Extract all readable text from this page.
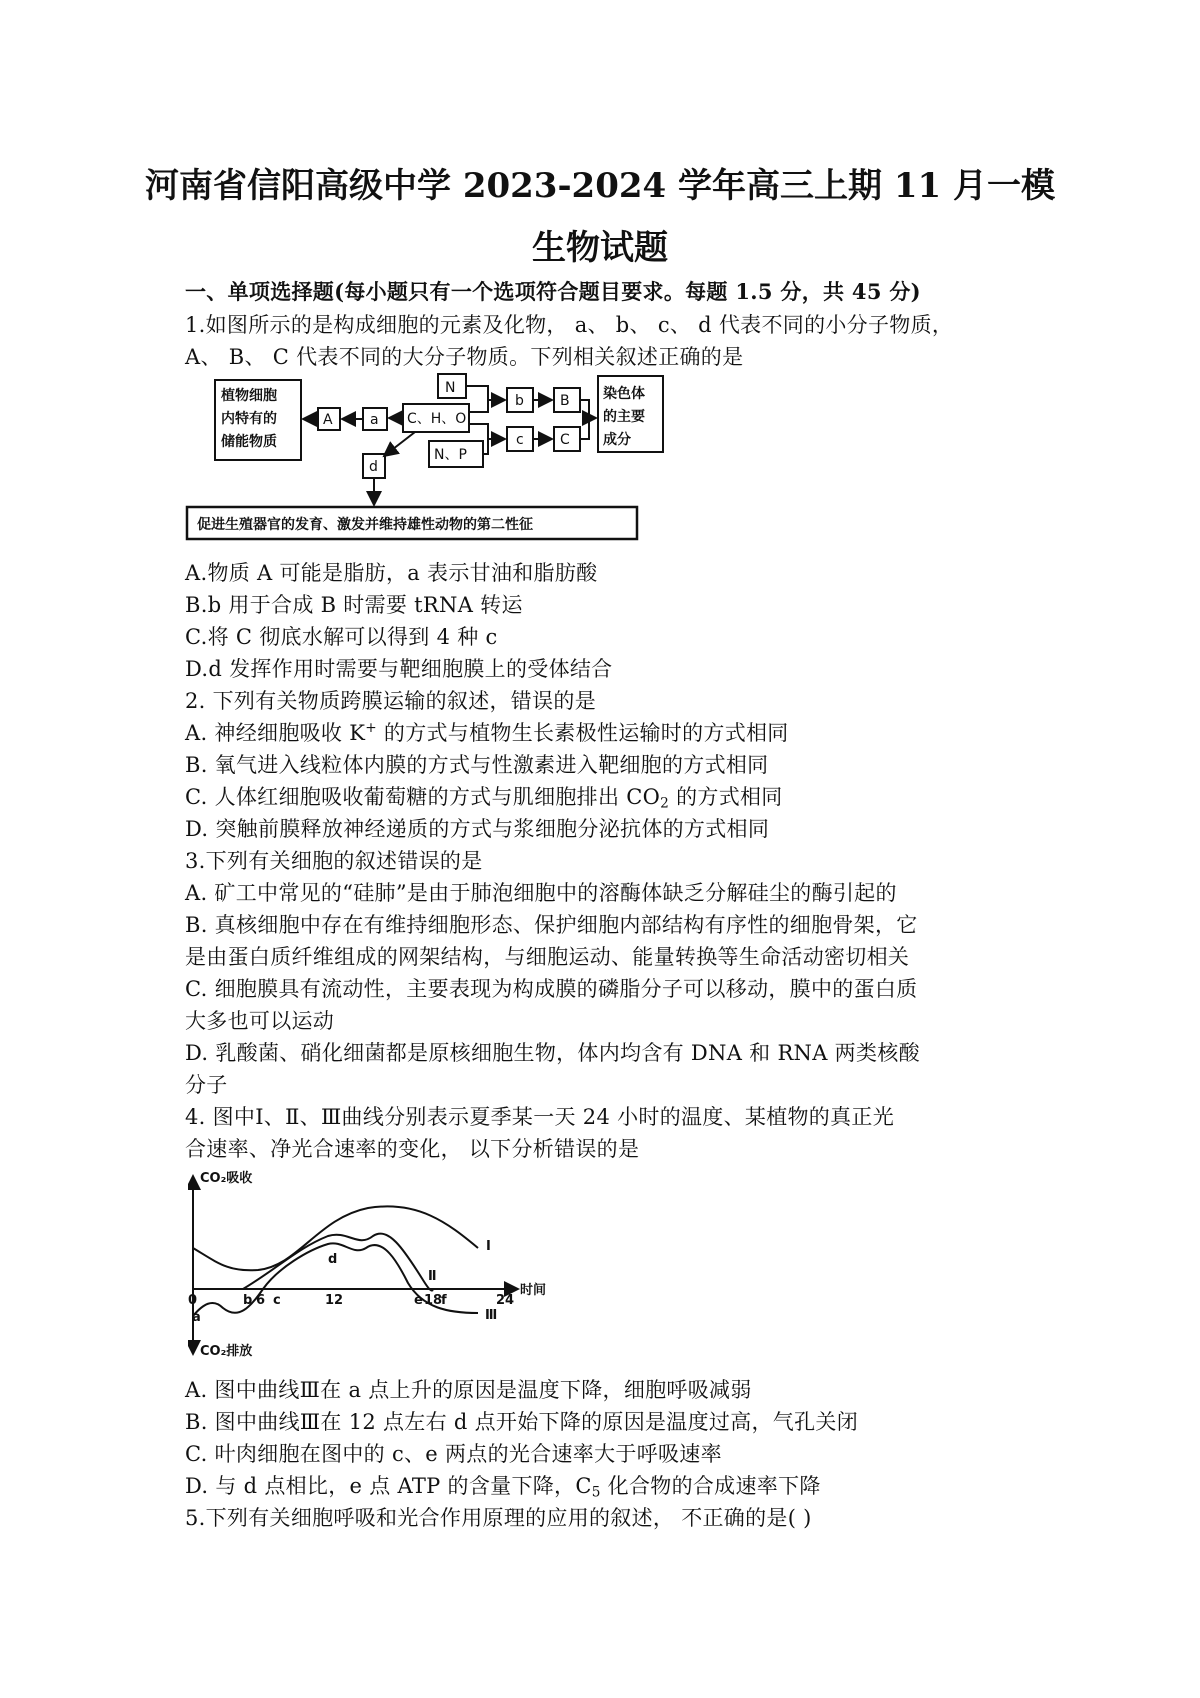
河南省信阳高级中学 2023-2024 学年高三上期 11 月一模
生物试题
一、单项选择题(每小题只有一个选项符合题目要求。每题 1.5 分，共 45 分)
1.如图所示的是构成细胞的元素及化物， a、 b、 c、 d 代表不同的小分子物质，
A、 B、 C 代表不同的大分子物质。下列相关叙述正确的是
植物细胞
内特有的
储能物质
染色体
的主要
成分
促进生殖器官的发育、激发并维持雄性动物的第二性征
A	a C、H、O
N
N、P
b	B
c	C
d
A.物质 A 可能是脂肪，a 表示甘油和脂肪酸
B.b 用于合成 B 时需要 tRNA 转运
C.将 C 彻底水解可以得到 4 种 c
D.d 发挥作用时需要与靶细胞膜上的受体结合
2. 下列有关物质跨膜运输的叙述，错误的是
A. 神经细胞吸收 K+ 的方式与植物生长素极性运输时的方式相同
B. 氧气进入线粒体内膜的方式与性激素进入靶细胞的方式相同
C. 人体红细胞吸收葡萄糖的方式与肌细胞排出 $CO_2$ 的方式相同
D. 突触前膜释放神经递质的方式与浆细胞分泌抗体的方式相同
3.下列有关细胞的叙述错误的是
A. 矿工中常见的“硅肺”是由于肺泡细胞中的溶酶体缺乏分解硅尘的酶引起的
B. 真核细胞中存在有维持细胞形态、保护细胞内部结构有序性的细胞骨架，它
是由蛋白质纤维组成的网架结构，与细胞运动、能量转换等生命活动密切相关
C. 细胞膜具有流动性，主要表现为构成膜的磷脂分子可以移动，膜中的蛋白质
大多也可以运动
D. 乳酸菌、硝化细菌都是原核细胞生物，体内均含有 DNA 和 RNA 两类核酸
分子
4. 图中Ⅰ、Ⅱ、Ⅲ曲线分别表示夏季某一天 24 小时的温度、某植物的真正光
合速率、净光合速率的变化， 以下分析错误的是
CO₂吸收
CO₂排放
时间
0	6	12	18	24
a
b c
d
e f
Ⅰ
Ⅱ
Ⅲ
A. 图中曲线Ⅲ在 a 点上升的原因是温度下降，细胞呼吸减弱
B. 图中曲线Ⅲ在 12 点左右 d 点开始下降的原因是温度过高，气孔关闭
C. 叶肉细胞在图中的 c、e 两点的光合速率大于呼吸速率
D. 与 d 点相比，e 点 ATP 的含量下降，$C_5$ 化合物的合成速率下降
5.下列有关细胞呼吸和光合作用原理的应用的叙述， 不正确的是( )
